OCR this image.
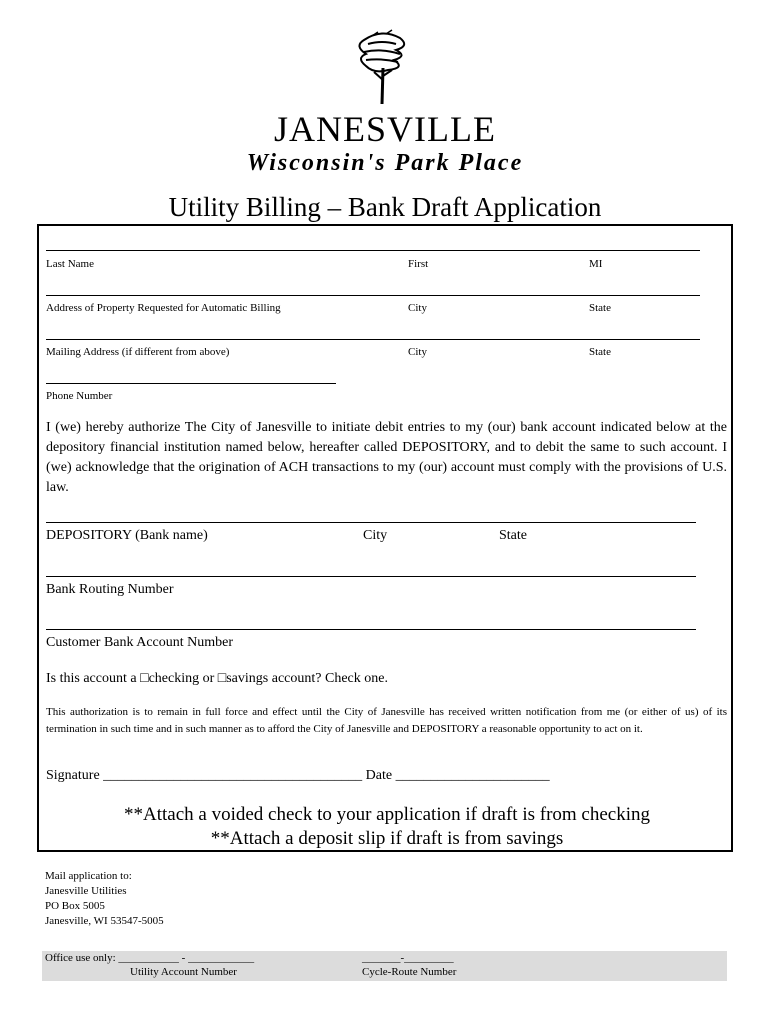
JANESVILLE
Wisconsin's Park Place
Utility Billing – Bank Draft Application
Last Name	First	MI
Address of Property Requested for Automatic Billing	City	State
Mailing Address (if different from above)	City	State
Phone Number
I (we) hereby authorize The City of Janesville to initiate debit entries to my (our) bank account indicated below at the depository financial institution named below, hereafter called DEPOSITORY, and to debit the same to such account. I (we) acknowledge that the origination of ACH transactions to my (our) account must comply with the provisions of U.S. law.
DEPOSITORY (Bank name)	City	State
Bank Routing Number
Customer Bank Account Number
Is this account a □checking or □savings account? Check one.
This authorization is to remain in full force and effect until the City of Janesville has received written notification from me (or either of us) of its termination in such time and in such manner as to afford the City of Janesville and DEPOSITORY a reasonable opportunity to act on it.
Signature _____________________________________ Date ______________________
**Attach a voided check to your application if draft is from checking
**Attach a deposit slip if draft is from savings
Mail application to:
Janesville Utilities
PO Box 5005
Janesville, WI 53547-5005
Office use only: ___________ - ____________	_______-_________
Utility Account Number	Cycle-Route Number
